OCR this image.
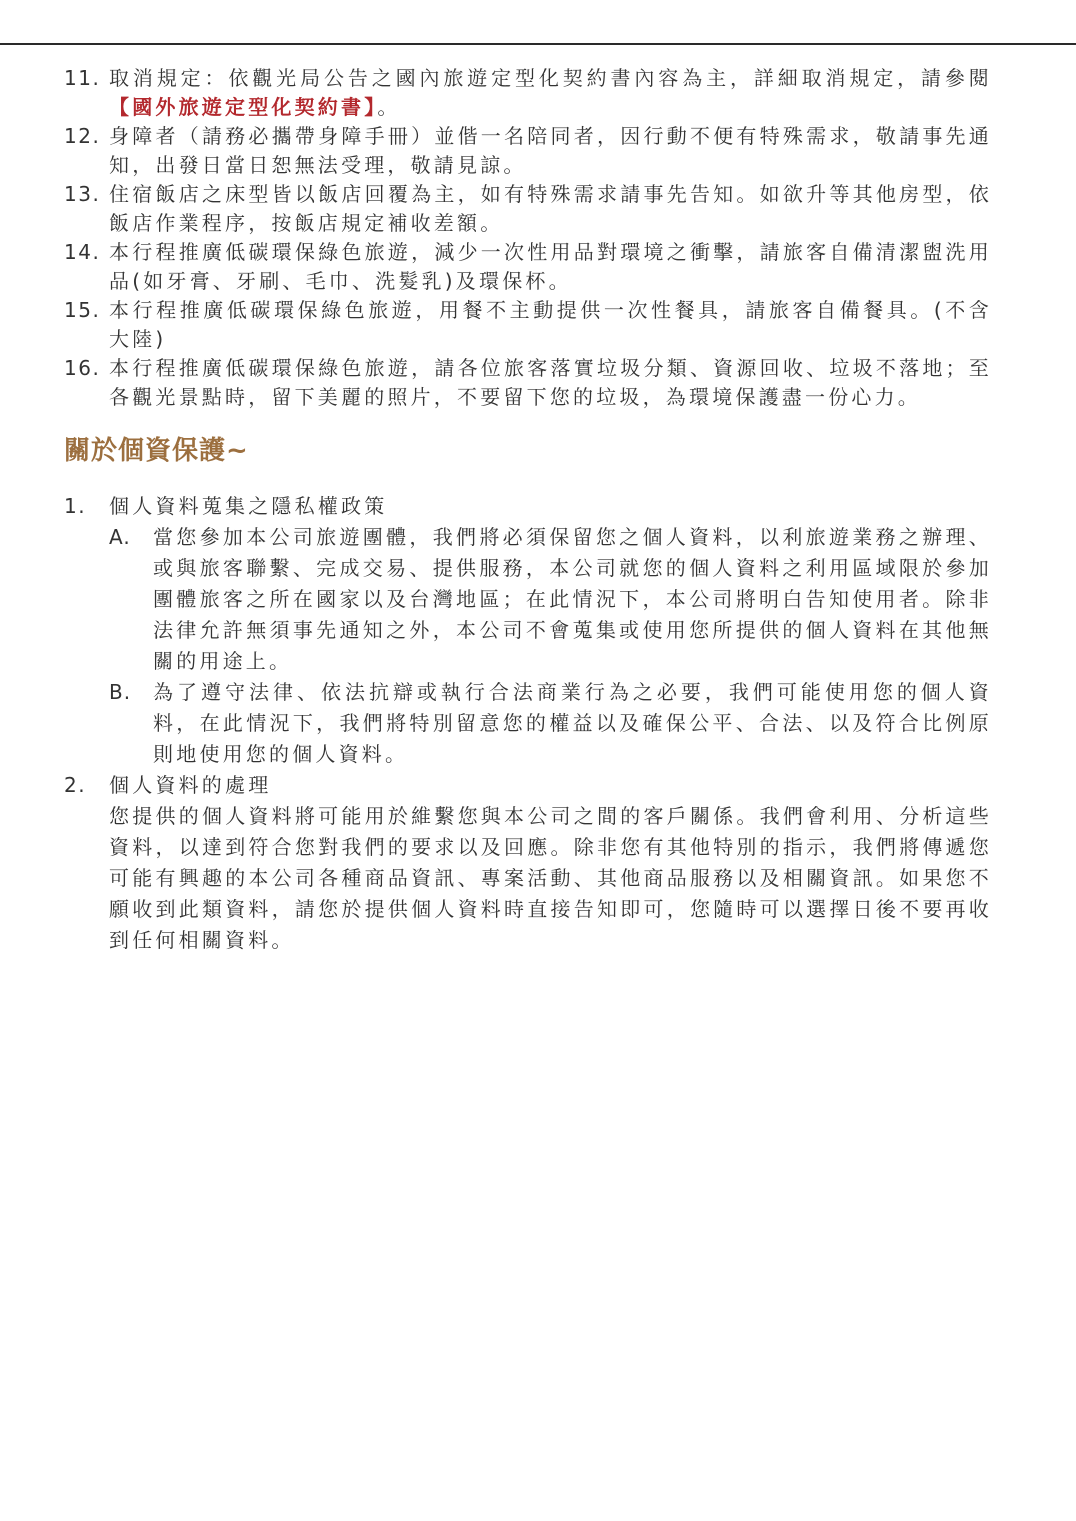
11. 取消規定：依觀光局公告之國內旅遊定型化契約書內容為主，詳細取消規定，請參閱【國外旅遊定型化契約書】。
12. 身障者（請務必攜帶身障手冊）並偕一名陪同者，因行動不便有特殊需求，敬請事先通知，出發日當日恕無法受理，敬請見諒。
13. 住宿飯店之床型皆以飯店回覆為主，如有特殊需求請事先告知。如欲升等其他房型，依飯店作業程序，按飯店規定補收差額。
14. 本行程推廣低碳環保綠色旅遊，減少一次性用品對環境之衝擊，請旅客自備清潔盥洗用品(如牙膏、牙刷、毛巾、洗髮乳)及環保杯。
15. 本行程推廣低碳環保綠色旅遊，用餐不主動提供一次性餐具，請旅客自備餐具。(不含大陸)
16. 本行程推廣低碳環保綠色旅遊，請各位旅客落實垃圾分類、資源回收、垃圾不落地；至各觀光景點時，留下美麗的照片，不要留下您的垃圾，為環境保護盡一份心力。
關於個資保護~
1. 個人資料蒐集之隱私權政策
A. 當您參加本公司旅遊團體，我們將必須保留您之個人資料，以利旅遊業務之辦理、或與旅客聯繫、完成交易、提供服務，本公司就您的個人資料之利用區域限於參加團體旅客之所在國家以及台灣地區；在此情況下，本公司將明白告知使用者。除非法律允許無須事先通知之外，本公司不會蒐集或使用您所提供的個人資料在其他無關的用途上。
B. 為了遵守法律、依法抗辯或執行合法商業行為之必要，我們可能使用您的個人資料，在此情況下，我們將特別留意您的權益以及確保公平、合法、以及符合比例原則地使用您的個人資料。
2. 個人資料的處理
您提供的個人資料將可能用於維繫您與本公司之間的客戶關係。我們會利用、分析這些資料，以達到符合您對我們的要求以及回應。除非您有其他特別的指示，我們將傳遞您可能有興趣的本公司各種商品資訊、專案活動、其他商品服務以及相關資訊。如果您不願收到此類資料，請您於提供個人資料時直接告知即可，您隨時可以選擇日後不要再收到任何相關資料。
